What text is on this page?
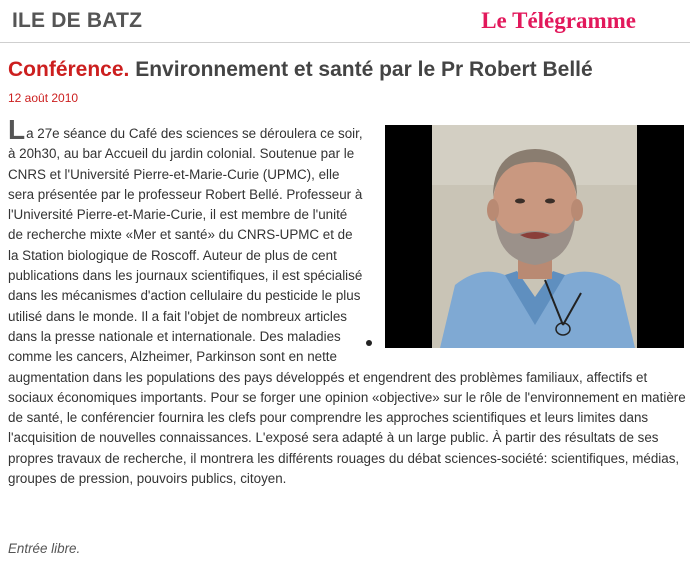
ILE DE BATZ	Le Télégramme
Conférence. Environnement et santé par le Pr Robert Bellé
12 août 2010

La 27e séance du Café des sciences se déroulera ce soir, à 20h30, au bar Accueil du jardin colonial. Soutenue par le CNRS et l'Université Pierre-et-Marie-Curie (UPMC), elle sera présentée par le professeur Robert Bellé. Professeur à l'Université Pierre-et-Marie-Curie, il est membre de l'unité de recherche mixte «Mer et santé» du CNRS-UPMC et de la Station biologique de Roscoff. Auteur de plus de cent publications dans les journaux scientifiques, il est spécialisé dans les mécanismes d'action cellulaire du pesticide le plus utilisé dans le monde. Il a fait l'objet de nombreux articles dans la presse nationale et internationale. Des maladies comme les cancers, Alzheimer, Parkinson sont en nette augmentation dans les populations des pays développés et engendrent des problèmes familiaux, affectifs et sociaux économiques importants. Pour se forger une opinion «objective» sur le rôle de l'environnement en matière de santé, le conférencier fournira les clefs pour comprendre les approches scientifiques et leurs limites dans l'acquisition de nouvelles connaissances. L'exposé sera adapté à un large public. À partir des résultats de ses propres travaux de recherche, il montrera les différents rouages du débat sciences-société: scientifiques, médias, groupes de pression, pouvoirs publics, citoyen.

Entrée libre.
